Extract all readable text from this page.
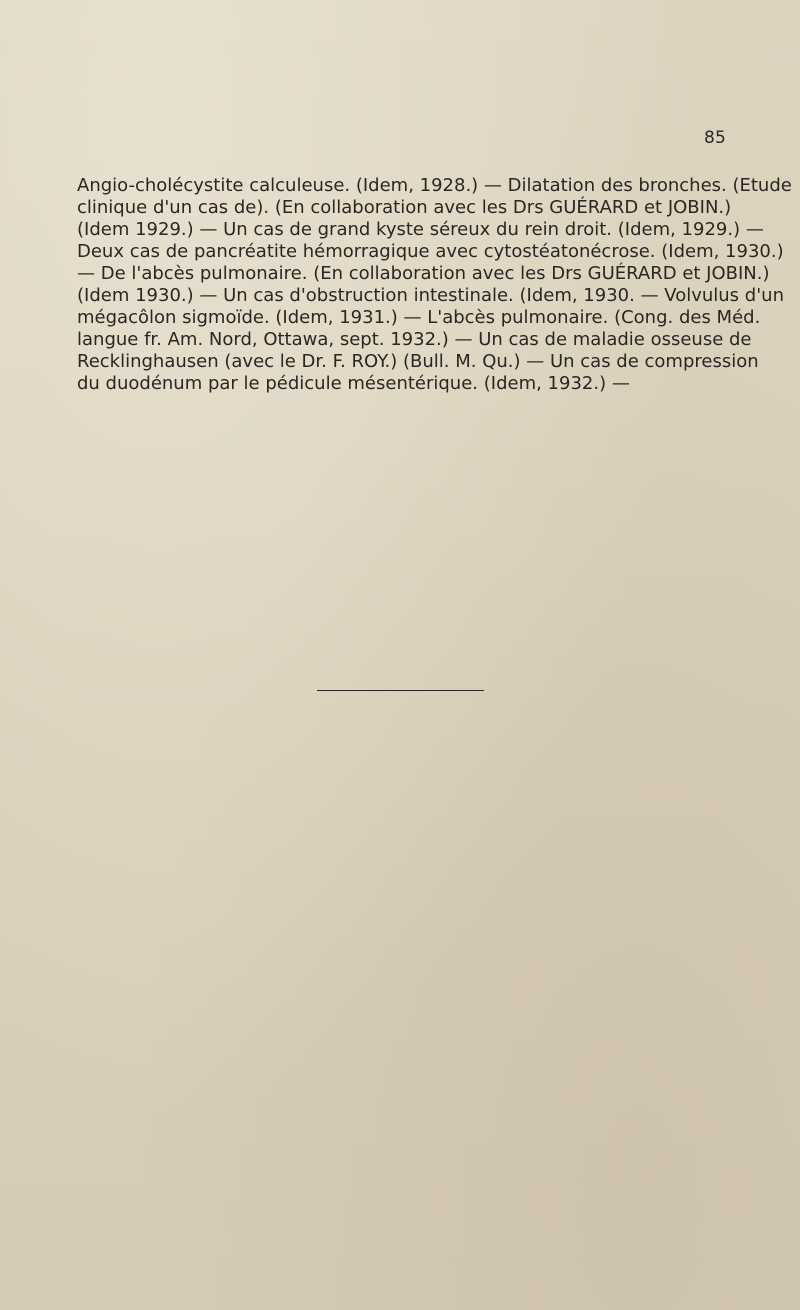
85
Angio-cholécystite calculeuse. (Idem, 1928.) — Dilatation des bronches. (Etude
clinique d'un cas de). (En collaboration avec les Drs GUÉRARD et JOBIN.)
(Idem 1929.) — Un cas de grand kyste séreux du rein droit. (Idem, 1929.) —
Deux cas de pancréatite hémorragique avec cytostéatonécrose. (Idem, 1930.)
— De l'abcès pulmonaire. (En collaboration avec les Drs GUÉRARD et JOBIN.)
(Idem 1930.) — Un cas d'obstruction intestinale. (Idem, 1930. — Volvulus d'un
mégacôlon sigmoïde. (Idem, 1931.) — L'abcès pulmonaire. (Cong. des Méd.
langue fr. Am. Nord, Ottawa, sept. 1932.) — Un cas de maladie osseuse de
Recklinghausen (avec le Dr. F. ROY.) (Bull. M. Qu.) — Un cas de compression
du duodénum par le pédicule mésentérique. (Idem, 1932.) —
